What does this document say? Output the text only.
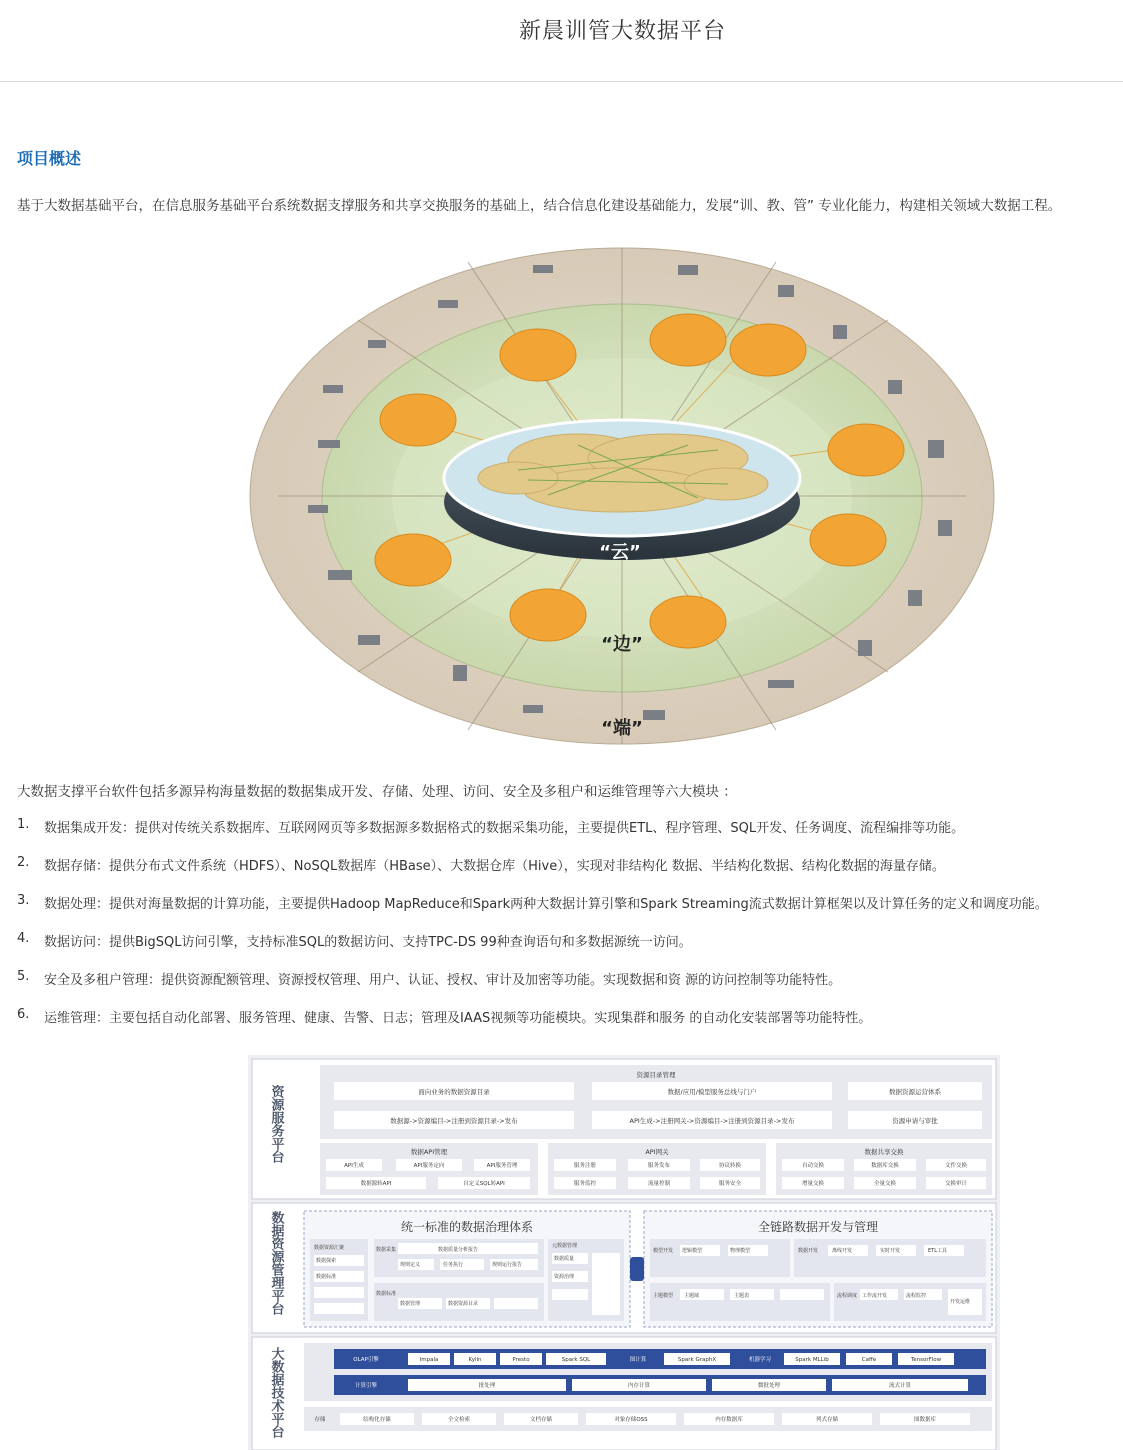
新晨训管大数据平台
项目概述
基于大数据基础平台，在信息服务基础平台系统数据支撑服务和共享交换服务的基础上，结合信息化建设基础能力，发展“训、教、管” 专业化能力，构建相关领域大数据工程。
“云”
“边”
“端”
大数据支撑平台软件包括多源异构海量数据的数据集成开发、存储、处理、访问、安全及多租户和运维管理等六大模块 ：
1.	数据集成开发：提供对传统关系数据库、互联网网页等多数据源多数据格式的数据采集功能，主要提供ETL、程序管理、SQL开发、任务调度、流程编排等功能。
2.	数据存储：提供分布式文件系统（HDFS）、NoSQL数据库（HBase）、大数据仓库（Hive），实现对非结构化 数据、半结构化数据、结构化数据的海量存储。
3.	数据处理：提供对海量数据的计算功能，主要提供Hadoop MapReduce和Spark两种大数据计算引擎和Spark Streaming流式数据计算框架以及计算任务的定义和调度功能。
4.	数据访问：提供BigSQL访问引擎，支持标准SQL的数据访问、支持TPC-DS 99种查询语句和多数据源统一访问。
5.	安全及多租户管理：提供资源配额管理、资源授权管理、用户、认证、授权、审计及加密等功能。实现数据和资 源的访问控制等功能特性。
6.	运维管理：主要包括自动化部署、服务管理、健康、告警、日志；管理及IAAS视频等功能模块。实现集群和服务 的自动化安装部署等功能特性。
资源服务平台
资源目录管理
面向业务的数据资源目录	数据/应用/模型服务总线与门户	数据资源运营体系
数据源->资源编目->注册到资源目录->发布	API生成->注册网关->资源编目->注册到资源目录->发布	资源申请与审批
数据API管理	API网关	数据共享交换
API生成	API服务定向	API服务管理
数据源转API	自定义SQL转API
服务注册	服务发布	协议转换
服务监控	流量控制	服务安全
自动交换	数据库交换	文件交换
增量交换	全量交换	交换审计
数据资源管理平台	统一标准的数据治理体系	全链路数据开发与管理
数据资源汇聚	数据采集	数据质量分析报告
元数据管理
数据探索
数据标准
数据标准
规则定义	任务执行	规则运行报告
数据管理	数据资源目录
数据质量
资源治理
模型开发 逻辑模型	物理模型	数据开发	离线开发	实时开发	ETL工具
主题模型 主题域	主题表	流程调度 工作流开发	流程监控
开发运维
大数据技术平台	OLAP引擎	Impala	Kylin	Presto	Spark SQL	图计算	Spark GraphX	机器学习	Spark MLLib	Caffe	TensorFlow
计算引擎	批处理	内存计算	微批处理	流式计算
存储	结构化存储	全文检索	文档存储	对象存储OSS	内存数据库	列式存储	图数据库
